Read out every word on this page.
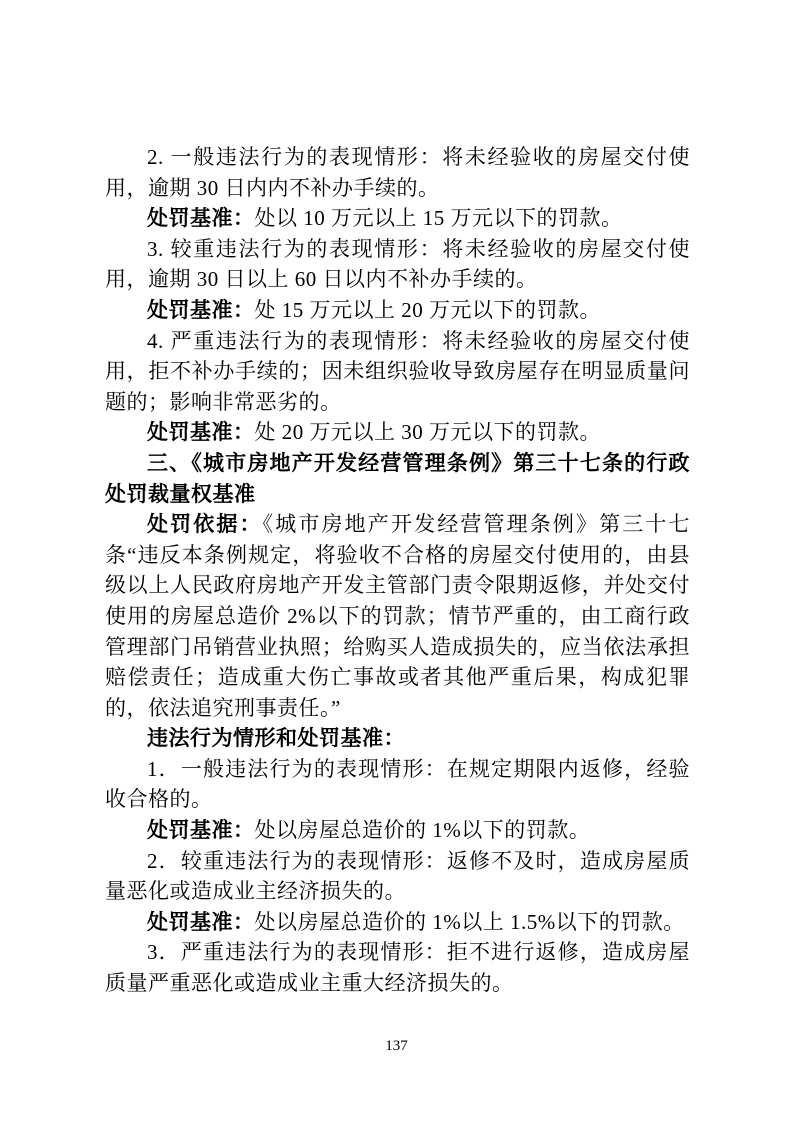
2. 一般违法行为的表现情形：将未经验收的房屋交付使用，逾期 30 日内内不补办手续的。

处罚基准：处以 10 万元以上 15 万元以下的罚款。

3. 较重违法行为的表现情形：将未经验收的房屋交付使用，逾期 30 日以上 60 日以内不补办手续的。

处罚基准：处 15 万元以上 20 万元以下的罚款。

4. 严重违法行为的表现情形：将未经验收的房屋交付使用，拒不补办手续的；因未组织验收导致房屋存在明显质量问题的；影响非常恶劣的。

处罚基准：处 20 万元以上 30 万元以下的罚款。

三、《城市房地产开发经营管理条例》第三十七条的行政处罚裁量权基准

处罚依据：《城市房地产开发经营管理条例》第三十七条“违反本条例规定，将验收不合格的房屋交付使用的，由县级以上人民政府房地产开发主管部门责令限期返修，并处交付使用的房屋总造价 2%以下的罚款；情节严重的，由工商行政管理部门吊销营业执照；给购买人造成损失的，应当依法承担赔偿责任；造成重大伤亡事故或者其他严重后果，构成犯罪的，依法追究刑事责任。”

违法行为情形和处罚基准：

1．一般违法行为的表现情形：在规定期限内返修，经验收合格的。

处罚基准：处以房屋总造价的 1%以下的罚款。

2．较重违法行为的表现情形：返修不及时，造成房屋质量恶化或造成业主经济损失的。

处罚基准：处以房屋总造价的 1%以上 1.5%以下的罚款。

3．严重违法行为的表现情形：拒不进行返修，造成房屋质量严重恶化或造成业主重大经济损失的。

137
